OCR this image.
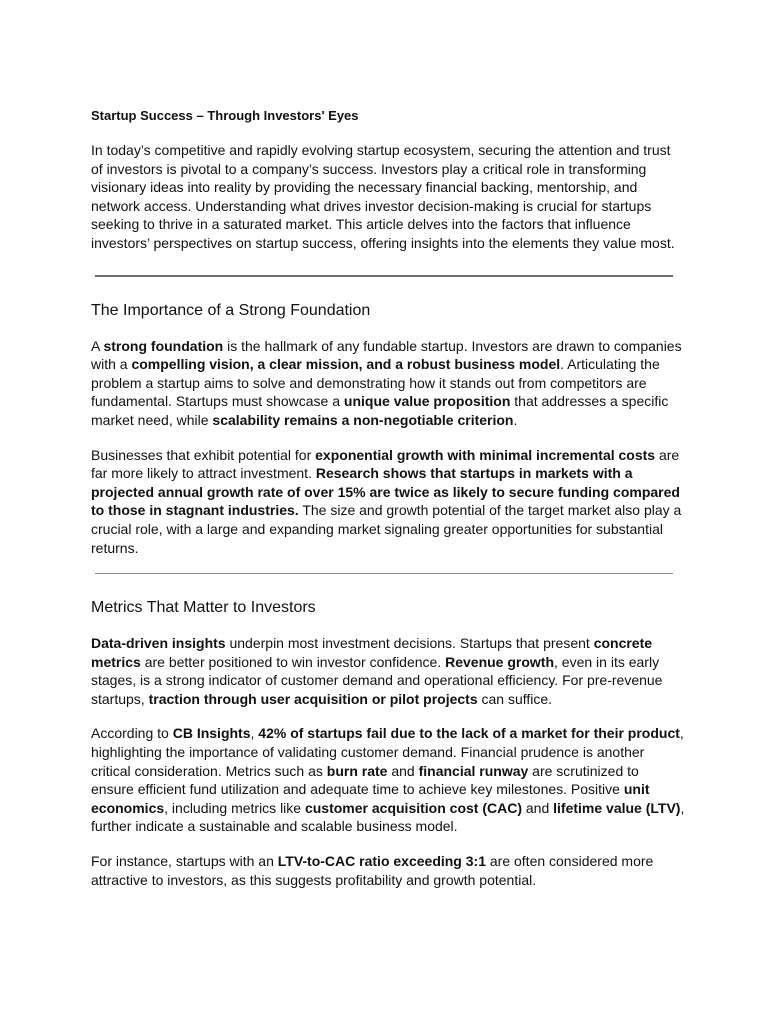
Startup Success – Through Investors' Eyes

In today’s competitive and rapidly evolving startup ecosystem, securing the attention and trust of investors is pivotal to a company’s success. Investors play a critical role in transforming visionary ideas into reality by providing the necessary financial backing, mentorship, and network access. Understanding what drives investor decision-making is crucial for startups seeking to thrive in a saturated market. This article delves into the factors that influence investors’ perspectives on startup success, offering insights into the elements they value most.

The Importance of a Strong Foundation

A strong foundation is the hallmark of any fundable startup. Investors are drawn to companies with a compelling vision, a clear mission, and a robust business model. Articulating the problem a startup aims to solve and demonstrating how it stands out from competitors are fundamental. Startups must showcase a unique value proposition that addresses a specific market need, while scalability remains a non-negotiable criterion.

Businesses that exhibit potential for exponential growth with minimal incremental costs are far more likely to attract investment. Research shows that startups in markets with a projected annual growth rate of over 15% are twice as likely to secure funding compared to those in stagnant industries. The size and growth potential of the target market also play a crucial role, with a large and expanding market signaling greater opportunities for substantial returns.

Metrics That Matter to Investors

Data-driven insights underpin most investment decisions. Startups that present concrete metrics are better positioned to win investor confidence. Revenue growth, even in its early stages, is a strong indicator of customer demand and operational efficiency. For pre-revenue startups, traction through user acquisition or pilot projects can suffice.

According to CB Insights, 42% of startups fail due to the lack of a market for their product, highlighting the importance of validating customer demand. Financial prudence is another critical consideration. Metrics such as burn rate and financial runway are scrutinized to ensure efficient fund utilization and adequate time to achieve key milestones. Positive unit economics, including metrics like customer acquisition cost (CAC) and lifetime value (LTV), further indicate a sustainable and scalable business model.

For instance, startups with an LTV-to-CAC ratio exceeding 3:1 are often considered more attractive to investors, as this suggests profitability and growth potential.
